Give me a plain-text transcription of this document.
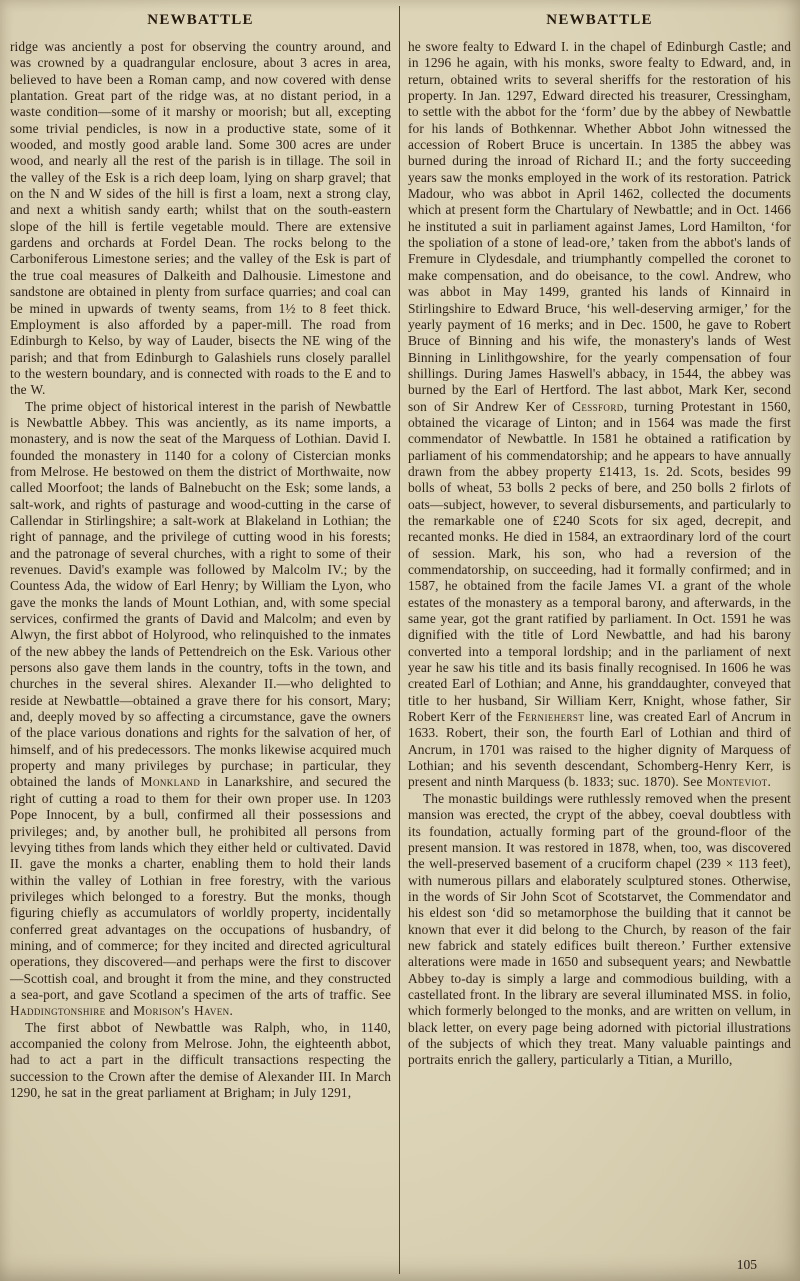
NEWBATTLE

ridge was anciently a post for observing the country around, and was crowned by a quadrangular enclosure, about 3 acres in area, believed to have been a Roman camp, and now covered with dense plantation. Great part of the ridge was, at no distant period, in a waste condition—some of it marshy or moorish; but all, excepting some trivial pendicles, is now in a productive state, some of it wooded, and mostly good arable land. Some 300 acres are under wood, and nearly all the rest of the parish is in tillage. The soil in the valley of the Esk is a rich deep loam, lying on sharp gravel; that on the N and W sides of the hill is first a loam, next a strong clay, and next a whitish sandy earth; whilst that on the south-eastern slope of the hill is fertile vegetable mould. There are extensive gardens and orchards at Fordel Dean. The rocks belong to the Carboniferous Limestone series; and the valley of the Esk is part of the true coal measures of Dalkeith and Dalhousie. Limestone and sandstone are obtained in plenty from surface quarries; and coal can be mined in upwards of twenty seams, from 1½ to 8 feet thick. Employment is also afforded by a paper-mill. The road from Edinburgh to Kelso, by way of Lauder, bisects the NE wing of the parish; and that from Edinburgh to Galashiels runs closely parallel to the western boundary, and is connected with roads to the E and to the W.

The prime object of historical interest in the parish of Newbattle is Newbattle Abbey. This was anciently, as its name imports, a monastery, and is now the seat of the Marquess of Lothian. David I. founded the monastery in 1140 for a colony of Cistercian monks from Melrose. He bestowed on them the district of Morthwaite, now called Moorfoot; the lands of Balnebucht on the Esk; some lands, a salt-work, and rights of pasturage and wood-cutting in the carse of Callendar in Stirlingshire; a salt-work at Blakeland in Lothian; the right of pannage, and the privilege of cutting wood in his forests; and the patronage of several churches, with a right to some of their revenues. David's example was followed by Malcolm IV.; by the Countess Ada, the widow of Earl Henry; by William the Lyon, who gave the monks the lands of Mount Lothian, and, with some special services, confirmed the grants of David and Malcolm; and even by Alwyn, the first abbot of Holyrood, who relinquished to the inmates of the new abbey the lands of Pettendreich on the Esk. Various other persons also gave them lands in the country, tofts in the town, and churches in the several shires. Alexander II.—who delighted to reside at Newbattle—obtained a grave there for his consort, Mary; and, deeply moved by so affecting a circumstance, gave the owners of the place various donations and rights for the salvation of her, of himself, and of his predecessors. The monks likewise acquired much property and many privileges by purchase; in particular, they obtained the lands of Monkland in Lanarkshire, and secured the right of cutting a road to them for their own proper use. In 1203 Pope Innocent, by a bull, confirmed all their possessions and privileges; and, by another bull, he prohibited all persons from levying tithes from lands which they either held or cultivated. David II. gave the monks a charter, enabling them to hold their lands within the valley of Lothian in free forestry, with the various privileges which belonged to a forestry. But the monks, though figuring chiefly as accumulators of worldly property, incidentally conferred great advantages on the occupations of husbandry, of mining, and of commerce; for they incited and directed agricultural operations, they discovered—and perhaps were the first to discover—Scottish coal, and brought it from the mine, and they constructed a sea-port, and gave Scotland a specimen of the arts of traffic. See Haddingtonshire and Morison's Haven.

The first abbot of Newbattle was Ralph, who, in 1140, accompanied the colony from Melrose. John, the eighteenth abbot, had to act a part in the difficult transactions respecting the succession to the Crown after the demise of Alexander III. In March 1290, he sat in the great parliament at Brigham; in July 1291,

NEWBATTLE

he swore fealty to Edward I. in the chapel of Edinburgh Castle; and in 1296 he again, with his monks, swore fealty to Edward, and, in return, obtained writs to several sheriffs for the restoration of his property. In Jan. 1297, Edward directed his treasurer, Cressingham, to settle with the abbot for the ‘form’ due by the abbey of Newbattle for his lands of Bothkennar. Whether Abbot John witnessed the accession of Robert Bruce is uncertain. In 1385 the abbey was burned during the inroad of Richard II.; and the forty succeeding years saw the monks employed in the work of its restoration. Patrick Madour, who was abbot in April 1462, collected the documents which at present form the Chartulary of Newbattle; and in Oct. 1466 he instituted a suit in parliament against James, Lord Hamilton, ‘for the spoliation of a stone of lead-ore,’ taken from the abbot's lands of Fremure in Clydesdale, and triumphantly compelled the coronet to make compensation, and do obeisance, to the cowl. Andrew, who was abbot in May 1499, granted his lands of Kinnaird in Stirlingshire to Edward Bruce, ‘his well-deserving armiger,’ for the yearly payment of 16 merks; and in Dec. 1500, he gave to Robert Bruce of Binning and his wife, the monastery's lands of West Binning in Linlithgowshire, for the yearly compensation of four shillings. During James Haswell's abbacy, in 1544, the abbey was burned by the Earl of Hertford. The last abbot, Mark Ker, second son of Sir Andrew Ker of Cessford, turning Protestant in 1560, obtained the vicarage of Linton; and in 1564 was made the first commendator of Newbattle. In 1581 he obtained a ratification by parliament of his commendatorship; and he appears to have annually drawn from the abbey property £1413, 1s. 2d. Scots, besides 99 bolls of wheat, 53 bolls 2 pecks of bere, and 250 bolls 2 firlots of oats—subject, however, to several disbursements, and particularly to the remarkable one of £240 Scots for six aged, decrepit, and recanted monks. He died in 1584, an extraordinary lord of the court of session. Mark, his son, who had a reversion of the commendatorship, on succeeding, had it formally confirmed; and in 1587, he obtained from the facile James VI. a grant of the whole estates of the monastery as a temporal barony, and afterwards, in the same year, got the grant ratified by parliament. In Oct. 1591 he was dignified with the title of Lord Newbattle, and had his barony converted into a temporal lordship; and in the parliament of next year he saw his title and its basis finally recognised. In 1606 he was created Earl of Lothian; and Anne, his granddaughter, conveyed that title to her husband, Sir William Kerr, Knight, whose father, Sir Robert Kerr of the Fernieherst line, was created Earl of Ancrum in 1633. Robert, their son, the fourth Earl of Lothian and third of Ancrum, in 1701 was raised to the higher dignity of Marquess of Lothian; and his seventh descendant, Schomberg-Henry Kerr, is present and ninth Marquess (b. 1833; suc. 1870). See Monteviot.

The monastic buildings were ruthlessly removed when the present mansion was erected, the crypt of the abbey, coeval doubtless with its foundation, actually forming part of the ground-floor of the present mansion. It was restored in 1878, when, too, was discovered the well-preserved basement of a cruciform chapel (239 × 113 feet), with numerous pillars and elaborately sculptured stones. Otherwise, in the words of Sir John Scot of Scotstarvet, the Commendator and his eldest son ‘did so metamorphose the building that it cannot be known that ever it did belong to the Church, by reason of the fair new fabrick and stately edifices built thereon.’ Further extensive alterations were made in 1650 and subsequent years; and Newbattle Abbey to-day is simply a large and commodious building, with a castellated front. In the library are several illuminated MSS. in folio, which formerly belonged to the monks, and are written on vellum, in black letter, on every page being adorned with pictorial illustrations of the subjects of which they treat. Many valuable paintings and portraits enrich the gallery, particularly a Titian, a Murillo,

105
